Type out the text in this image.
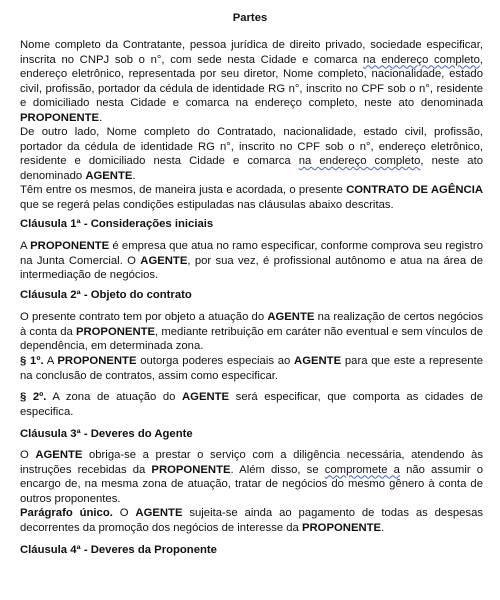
Partes

Nome completo da Contratante, pessoa jurídica de direito privado, sociedade especificar, inscrita no CNPJ sob o n°, com sede nesta Cidade e comarca na endereço completo, endereço eletrônico, representada por seu diretor, Nome completo, nacionalidade, estado civil, profissão, portador da cédula de identidade RG n°, inscrito no CPF sob o n°, residente e domiciliado nesta Cidade e comarca na endereço completo, neste ato denominada PROPONENTE.

De outro lado, Nome completo do Contratado, nacionalidade, estado civil, profissão, portador da cédula de identidade RG n°, inscrito no CPF sob o n°, endereço eletrônico, residente e domiciliado nesta Cidade e comarca na endereço completo, neste ato denominado AGENTE.

Têm entre os mesmos, de maneira justa e acordada, o presente CONTRATO DE AGÊNCIA que se regerá pelas condições estipuladas nas cláusulas abaixo descritas.

Cláusula 1ª - Considerações iniciais

A PROPONENTE é empresa que atua no ramo especificar, conforme comprova seu registro na Junta Comercial. O AGENTE, por sua vez, é profissional autônomo e atua na área de intermediação de negócios.

Cláusula 2ª - Objeto do contrato

O presente contrato tem por objeto a atuação do AGENTE na realização de certos negócios à conta da PROPONENTE, mediante retribuição em caráter não eventual e sem vínculos de dependência, em determinada zona.

§ 1º. A PROPONENTE outorga poderes especiais ao AGENTE para que este a represente na conclusão de contratos, assim como especificar.

§ 2º. A zona de atuação do AGENTE será especificar, que comporta as cidades de especifica.

Cláusula 3ª - Deveres do Agente

O AGENTE obriga-se a prestar o serviço com a diligência necessária, atendendo às instruções recebidas da PROPONENTE. Além disso, se compromete a não assumir o encargo de, na mesma zona de atuação, tratar de negócios do mesmo gênero à conta de outros proponentes.

Parágrafo único. O AGENTE sujeita-se ainda ao pagamento de todas as despesas decorrentes da promoção dos negócios de interesse da PROPONENTE.

Cláusula 4ª - Deveres da Proponente
